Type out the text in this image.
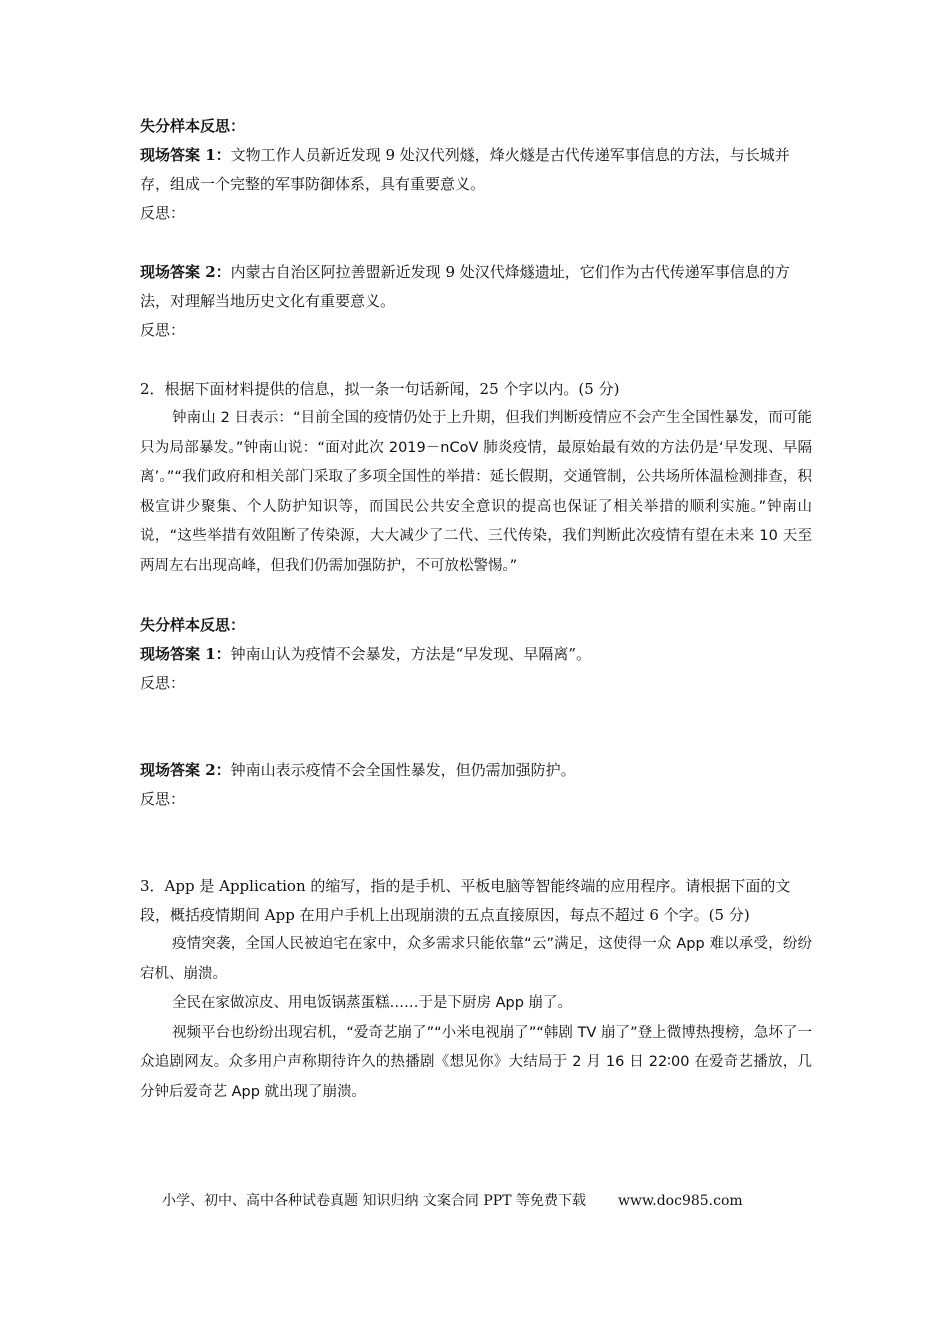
失分样本反思：
现场答案 1：文物工作人员新近发现 9 处汉代列燧，烽火燧是古代传递军事信息的方法，与长城并存，组成一个完整的军事防御体系，具有重要意义。
反思：
现场答案 2：内蒙古自治区阿拉善盟新近发现 9 处汉代烽燧遗址，它们作为古代传递军事信息的方法，对理解当地历史文化有重要意义。
反思：
2．根据下面材料提供的信息，拟一条一句话新闻，25 个字以内。(5 分)
钟南山 2 日表示：“目前全国的疫情仍处于上升期，但我们判断疫情应不会产生全国性暴发，而可能只为局部暴发。”钟南山说：“面对此次 2019－nCoV 肺炎疫情，最原始最有效的方法仍是‘早发现、早隔离’。”“我们政府和相关部门采取了多项全国性的举措：延长假期，交通管制，公共场所体温检测排查，积极宣讲少聚集、个人防护知识等，而国民公共安全意识的提高也保证了相关举措的顺利实施。”钟南山说，“这些举措有效阻断了传染源，大大减少了二代、三代传染，我们判断此次疫情有望在未来 10 天至两周左右出现高峰，但我们仍需加强防护，不可放松警惕。”
失分样本反思：
现场答案 1：钟南山认为疫情不会暴发，方法是“早发现、早隔离”。
反思：
现场答案 2：钟南山表示疫情不会全国性暴发，但仍需加强防护。
反思：
3．App 是 Application 的缩写，指的是手机、平板电脑等智能终端的应用程序。请根据下面的文段，概括疫情期间 App 在用户手机上出现崩溃的五点直接原因，每点不超过 6 个字。(5 分)
疫情突袭，全国人民被迫宅在家中，众多需求只能依靠“云”满足，这使得一众 App 难以承受，纷纷宕机、崩溃。
全民在家做凉皮、用电饭锅蒸蛋糕……于是下厨房 App 崩了。
视频平台也纷纷出现宕机，“爱奇艺崩了”“小米电视崩了”“韩剧 TV 崩了”登上微博热搜榜，急坏了一众追剧网友。众多用户声称期待许久的热播剧《想见你》大结局于 2 月 16 日 22∶00 在爱奇艺播放，几分钟后爱奇艺 App 就出现了崩溃。
小学、初中、高中各种试卷真题 知识归纳 文案合同 PPT 等免费下载 www.doc985.com
